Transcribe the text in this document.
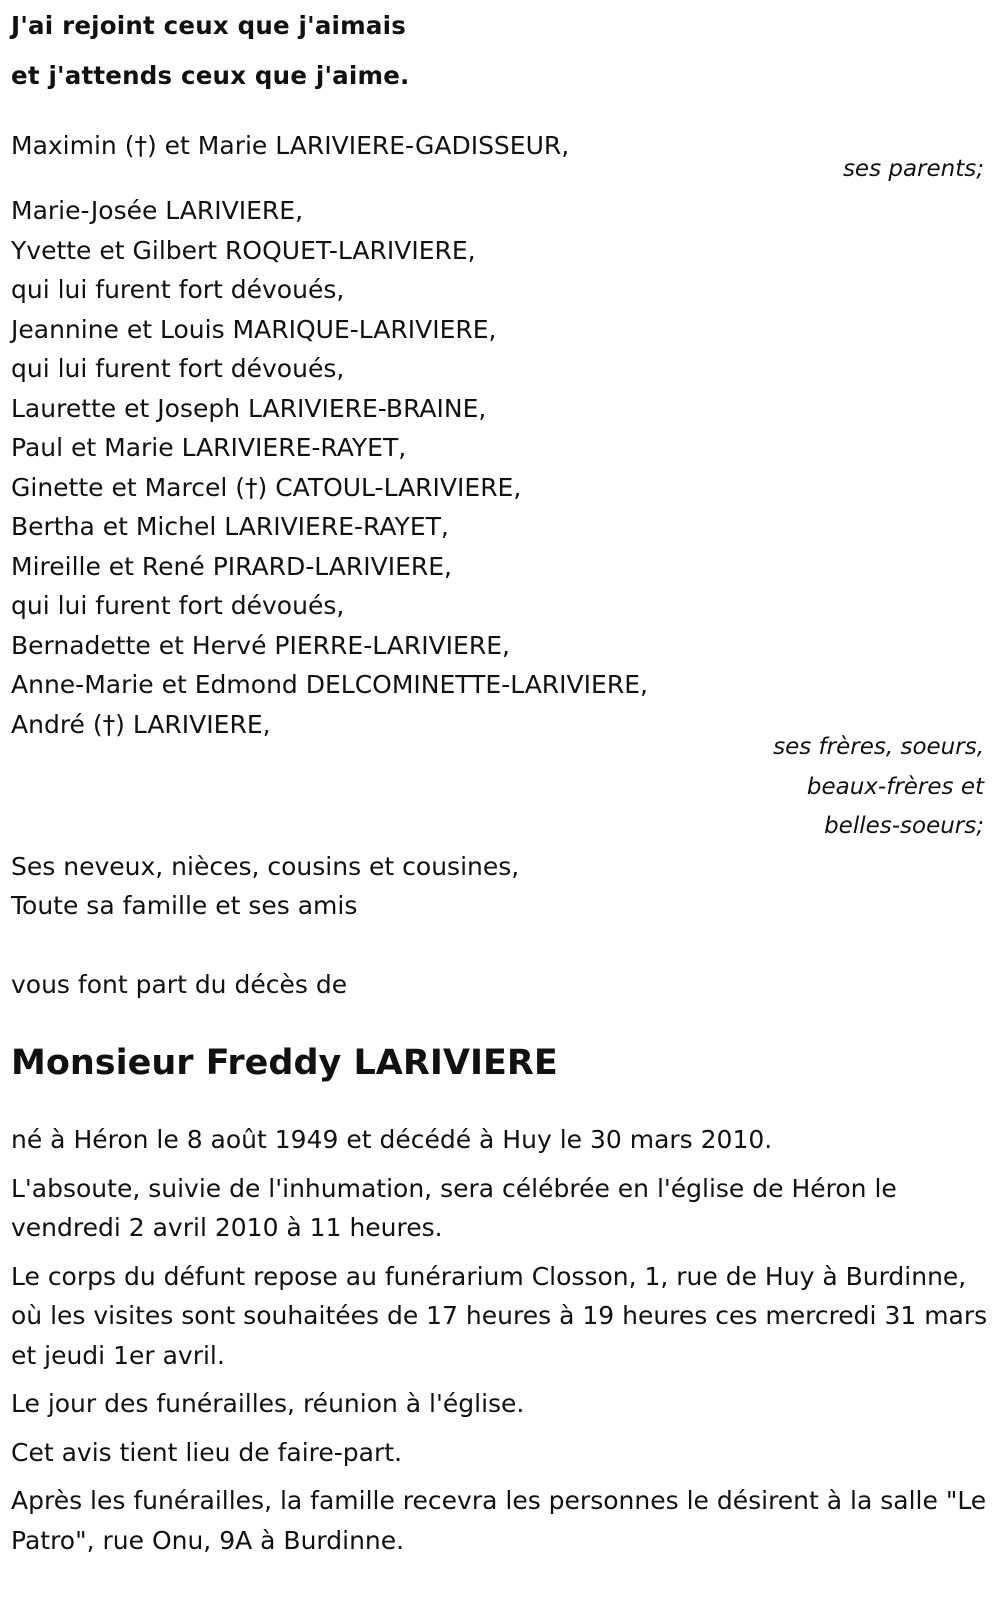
J'ai rejoint ceux que j'aimais

et j'attends ceux que j'aime.

Maximin (†) et Marie LARIVIERE-GADISSEUR,

ses parents;

Marie-Josée LARIVIERE,

Yvette et Gilbert ROQUET-LARIVIERE,

qui lui furent fort dévoués,

Jeannine et Louis MARIQUE-LARIVIERE,

qui lui furent fort dévoués,

Laurette et Joseph LARIVIERE-BRAINE,

Paul et Marie LARIVIERE-RAYET,

Ginette et Marcel (†) CATOUL-LARIVIERE,

Bertha et Michel LARIVIERE-RAYET,

Mireille et René PIRARD-LARIVIERE,

qui lui furent fort dévoués,

Bernadette et Hervé PIERRE-LARIVIERE,

Anne-Marie et Edmond DELCOMINETTE-LARIVIERE,

André (†) LARIVIERE,

ses frères, soeurs,

beaux-frères et

belles-soeurs;

Ses neveux, nièces, cousins et cousines,

Toute sa famille et ses amis

vous font part du décès de

Monsieur Freddy LARIVIERE

né à Héron le 8 août 1949 et décédé à Huy le 30 mars 2010.

L'absoute, suivie de l'inhumation, sera célébrée en l'église de Héron le vendredi 2 avril 2010 à 11 heures.

Le corps du défunt repose au funérarium Closson, 1, rue de Huy à Burdinne, où les visites sont souhaitées de 17 heures à 19 heures ces mercredi 31 mars et jeudi 1er avril.

Le jour des funérailles, réunion à l'église.

Cet avis tient lieu de faire-part.

Après les funérailles, la famille recevra les personnes le désirent à la salle "Le Patro", rue Onu, 9A à Burdinne.
